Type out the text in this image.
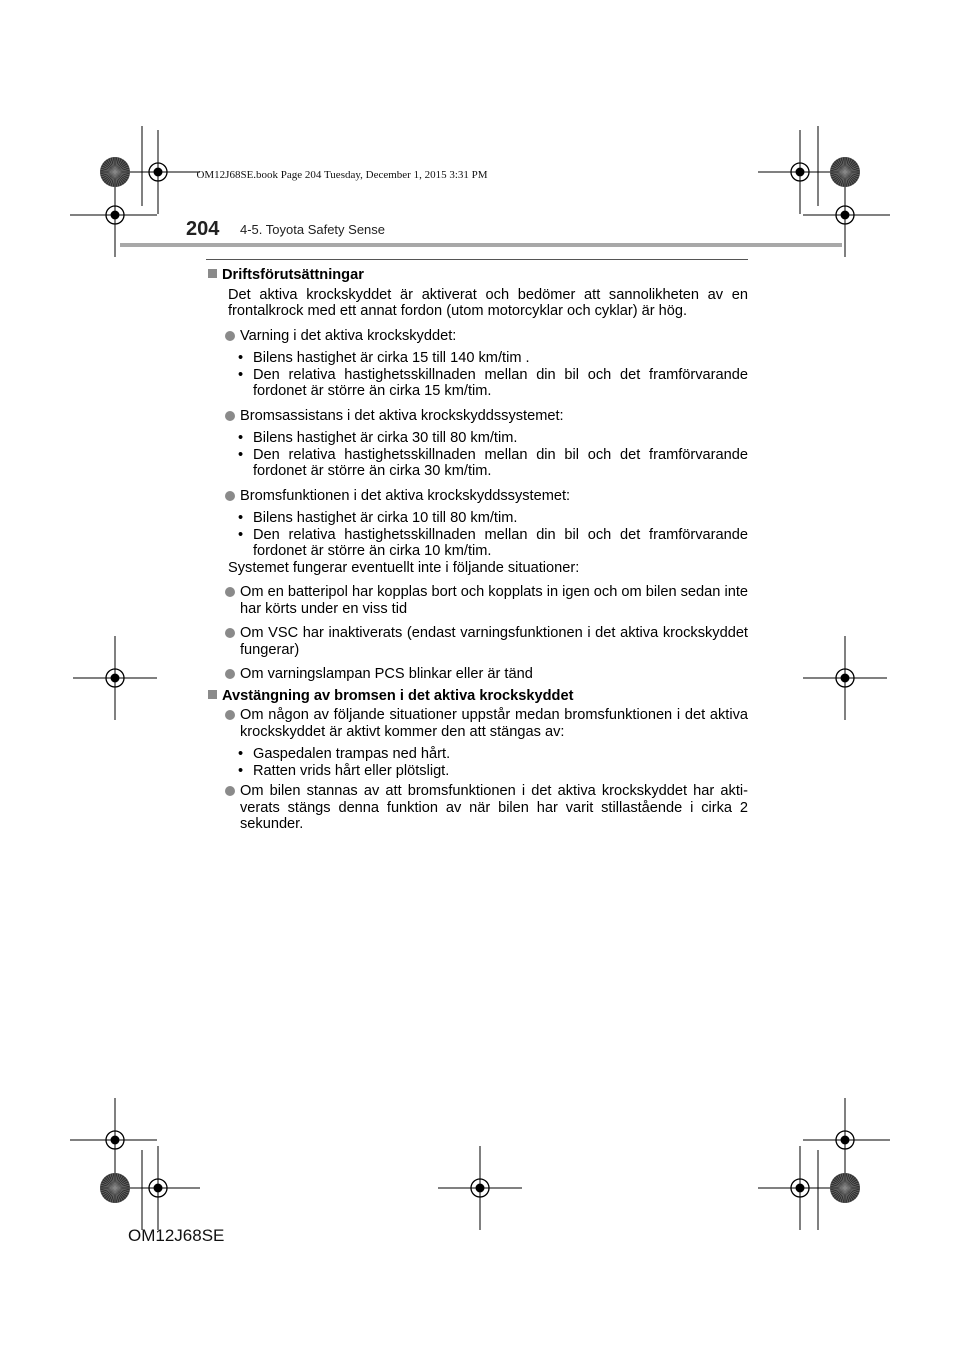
OM12J68SE.book Page 204 Tuesday, December 1, 2015 3:31 PM
204 4-5. Toyota Safety Sense
Driftsförutsättningar
Det aktiva krockskyddet är aktiverat och bedömer att sannolikheten av en frontalkrock med ett annat fordon (utom motorcyklar och cyklar) är hög.
Varning i det aktiva krockskyddet:
• Bilens hastighet är cirka 15 till 140 km/tim .
• Den relativa hastighetsskillnaden mellan din bil och det framförvarande fordonet är större än cirka 15 km/tim.
Bromsassistans i det aktiva krockskyddssystemet:
• Bilens hastighet är cirka 30 till 80 km/tim.
• Den relativa hastighetsskillnaden mellan din bil och det framförvarande fordonet är större än cirka 30 km/tim.
Bromsfunktionen i det aktiva krockskyddssystemet:
• Bilens hastighet är cirka 10 till 80 km/tim.
• Den relativa hastighetsskillnaden mellan din bil och det framförvarande fordonet är större än cirka 10 km/tim.
Systemet fungerar eventuellt inte i följande situationer:
Om en batteripol har kopplas bort och kopplats in igen och om bilen sedan inte har körts under en viss tid
Om VSC har inaktiverats (endast varningsfunktionen i det aktiva krockskyddet fungerar)
Om varningslampan PCS blinkar eller är tänd
Avstängning av bromsen i det aktiva krockskyddet
Om någon av följande situationer uppstår medan bromsfunktionen i det aktiva krockskyddet är aktivt kommer den att stängas av:
• Gaspedalen trampas ned hårt.
• Ratten vrids hårt eller plötsligt.
Om bilen stannas av att bromsfunktionen i det aktiva krockskyddet har akti-verats stängs denna funktion av när bilen har varit stillastående i cirka 2 sekunder.
OM12J68SE
